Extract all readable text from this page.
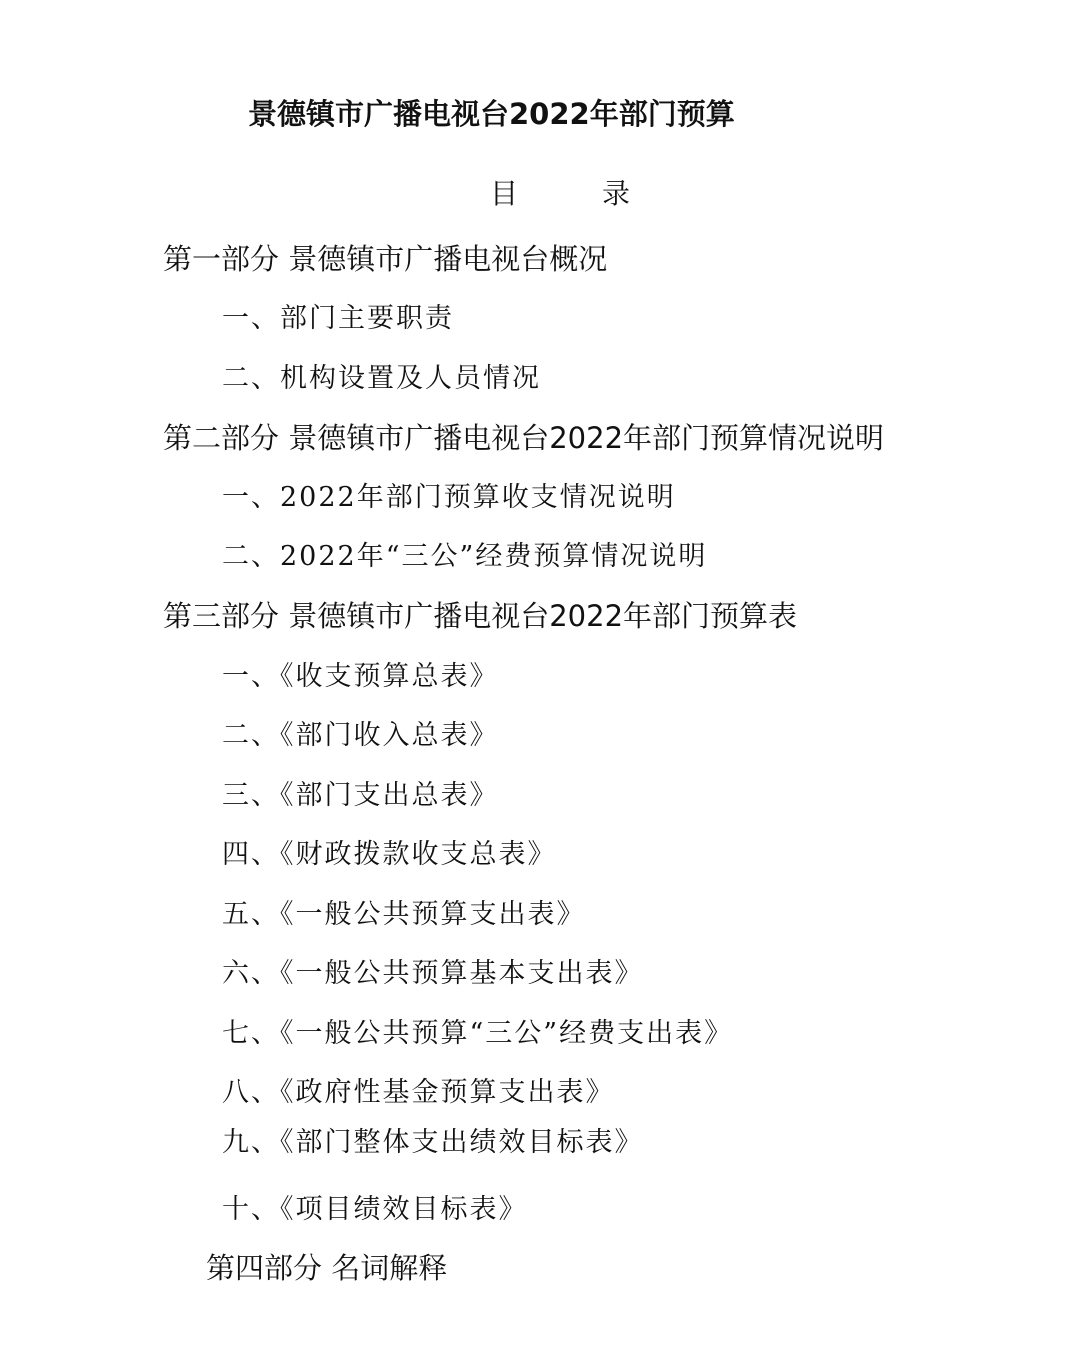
景德镇市广播电视台2022年部门预算
目　录
第一部分 景德镇市广播电视台概况
一、部门主要职责
二、机构设置及人员情况
第二部分 景德镇市广播电视台2022年部门预算情况说明
一、2022年部门预算收支情况说明
二、2022年“三公”经费预算情况说明
第三部分 景德镇市广播电视台2022年部门预算表
一、《收支预算总表》
二、《部门收入总表》
三、《部门支出总表》
四、《财政拨款收支总表》
五、《一般公共预算支出表》
六、《一般公共预算基本支出表》
七、《一般公共预算“三公”经费支出表》
八、《政府性基金预算支出表》
九、《部门整体支出绩效目标表》
十、《项目绩效目标表》
第四部分 名词解释
